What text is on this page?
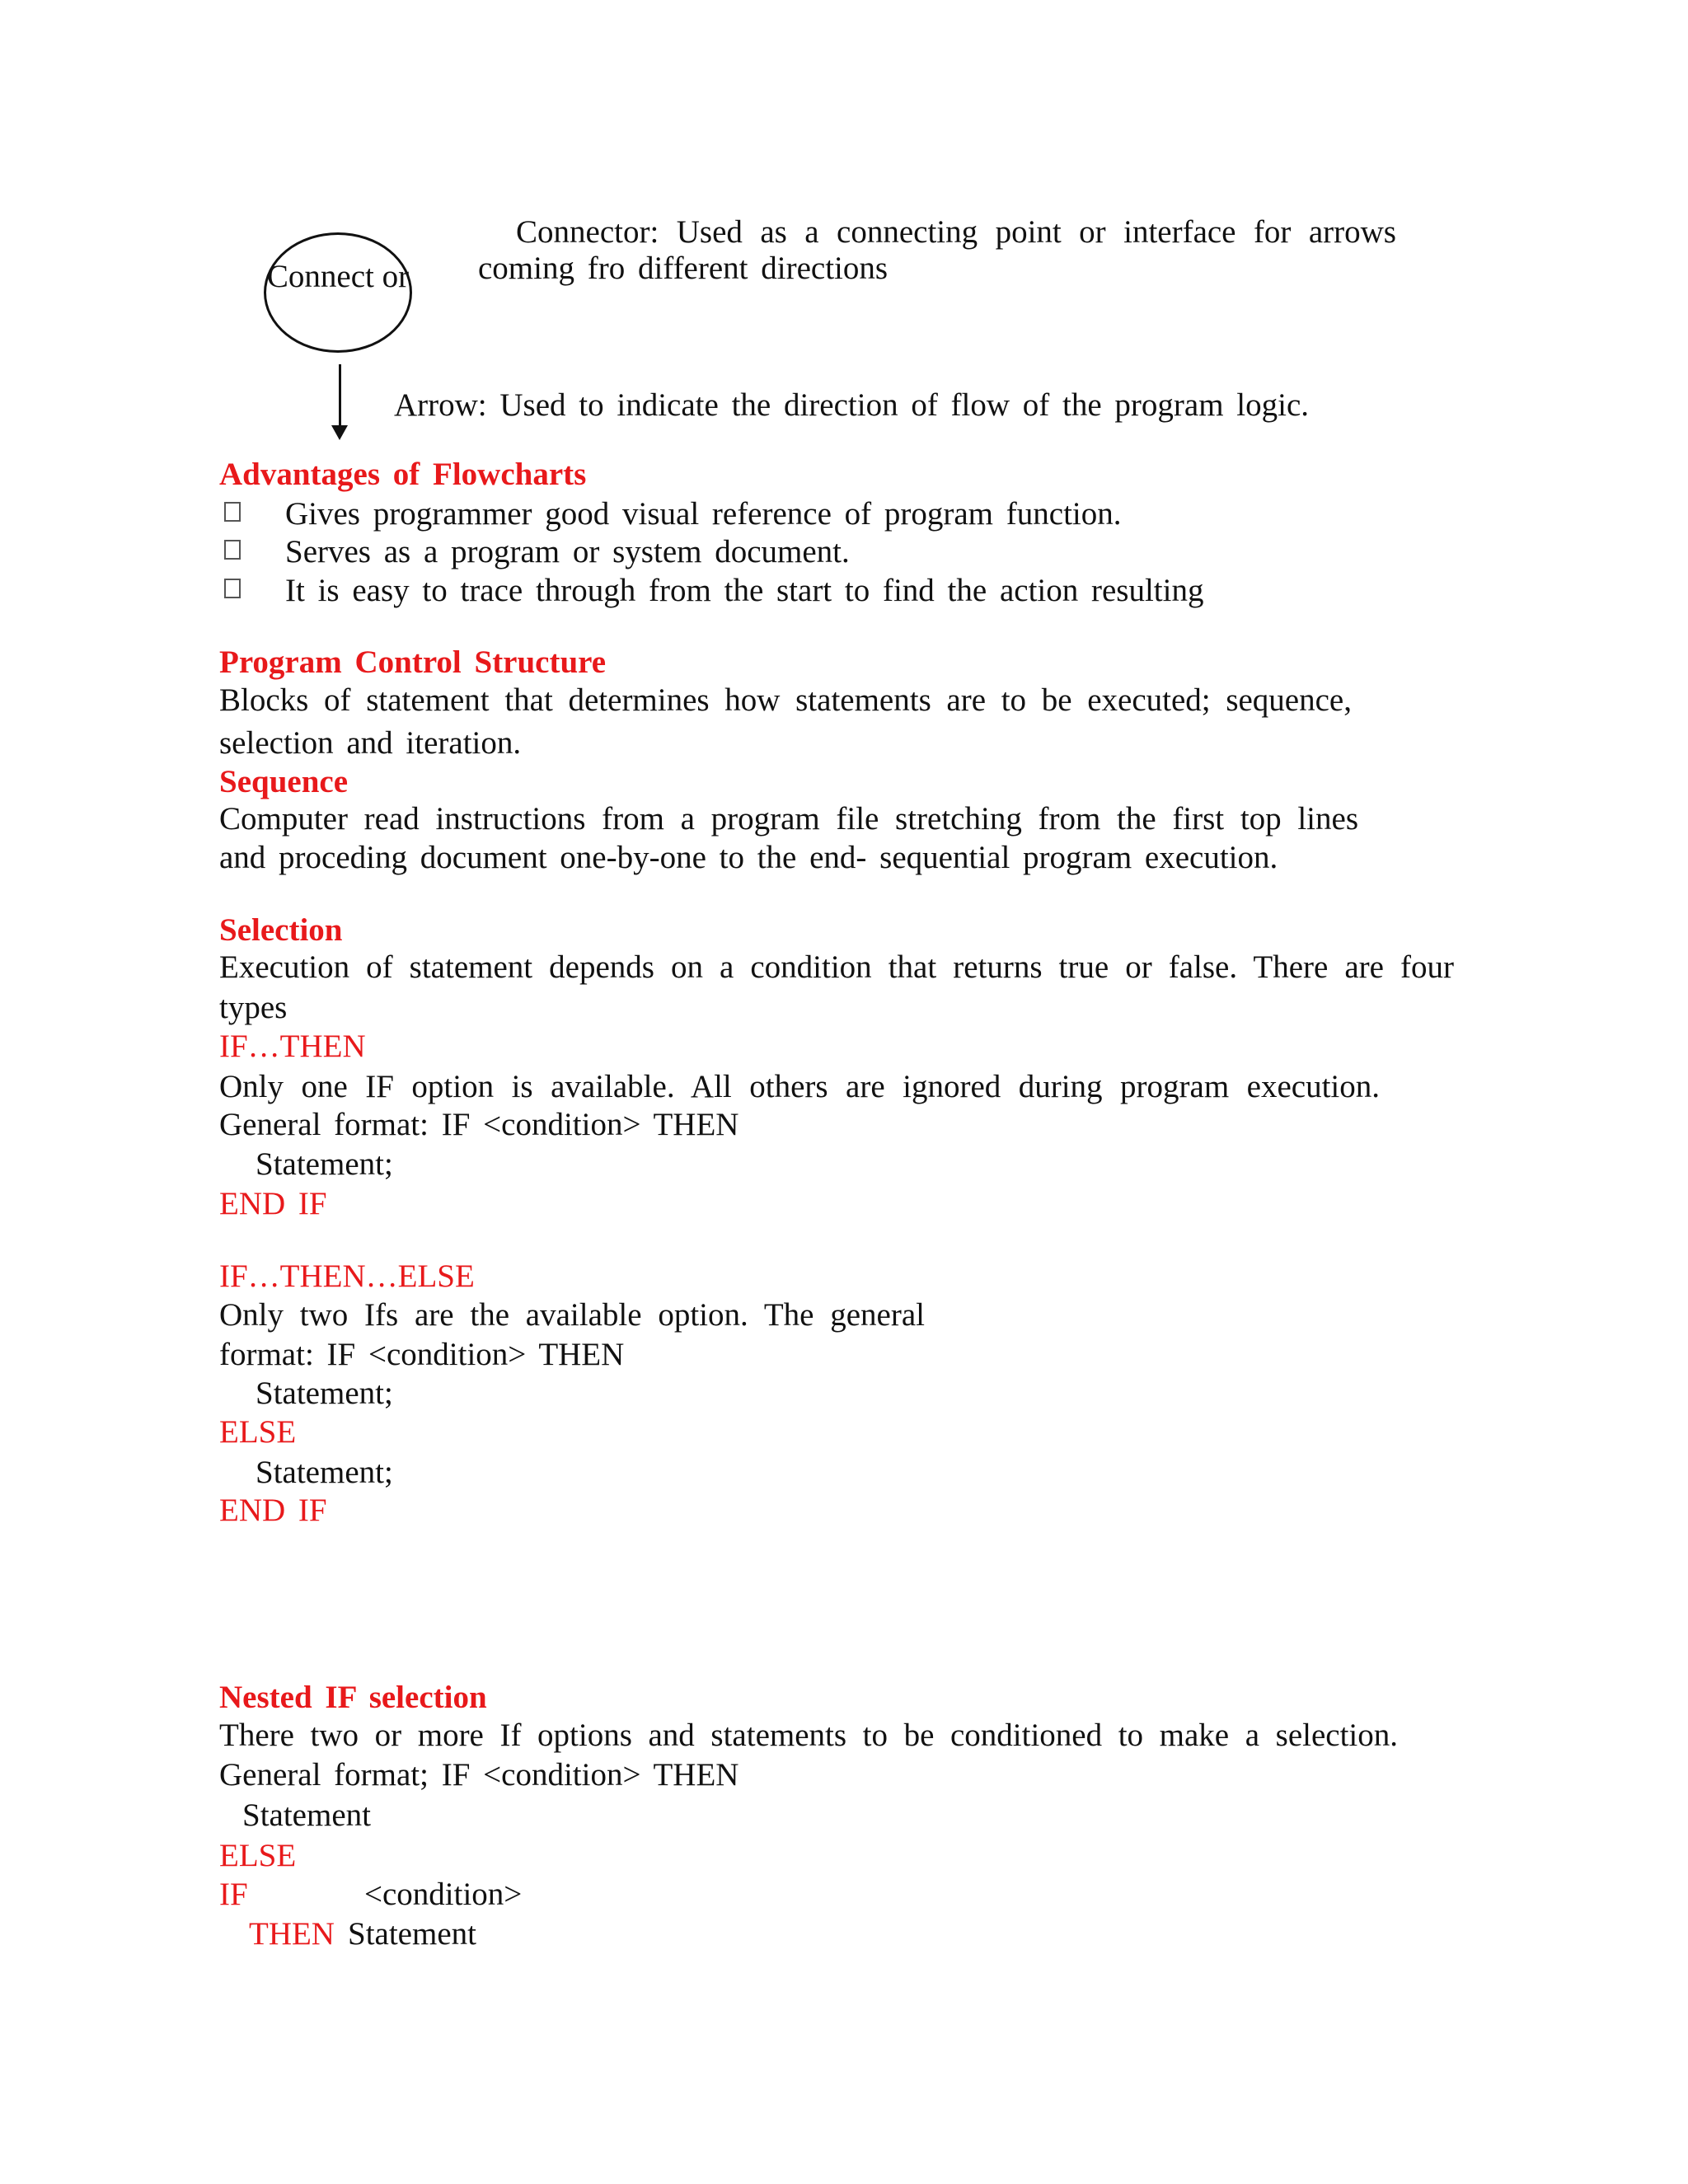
Connect or
Connector: Used as a connecting point or interface for arrows
coming fro different directions
Arrow: Used to indicate the direction of flow of the program logic.
Advantages of Flowcharts
Gives programmer good visual reference of program function.
Serves as a program or system document.
It is easy to trace through from the start to find the action resulting
Program Control Structure
Blocks of statement that determines how statements are to be executed; sequence,
selection and iteration.
Sequence
Computer read instructions from a program file stretching from the first top lines
and proceding document one-by-one to the end- sequential program execution.
Selection
Execution of statement depends on a condition that returns true or false. There are four
types
IF…THEN
Only one IF option is available. All others are ignored during program execution.
General format: IF <condition> THEN
Statement;
END IF
IF…THEN…ELSE
Only two Ifs are the available option. The general
format: IF <condition> THEN
Statement;
ELSE
Statement;
END IF
Nested IF selection
There two or more If options and statements to be conditioned to make a selection.
General format; IF <condition> THEN
Statement
ELSE
IF	<condition>
THEN Statement
